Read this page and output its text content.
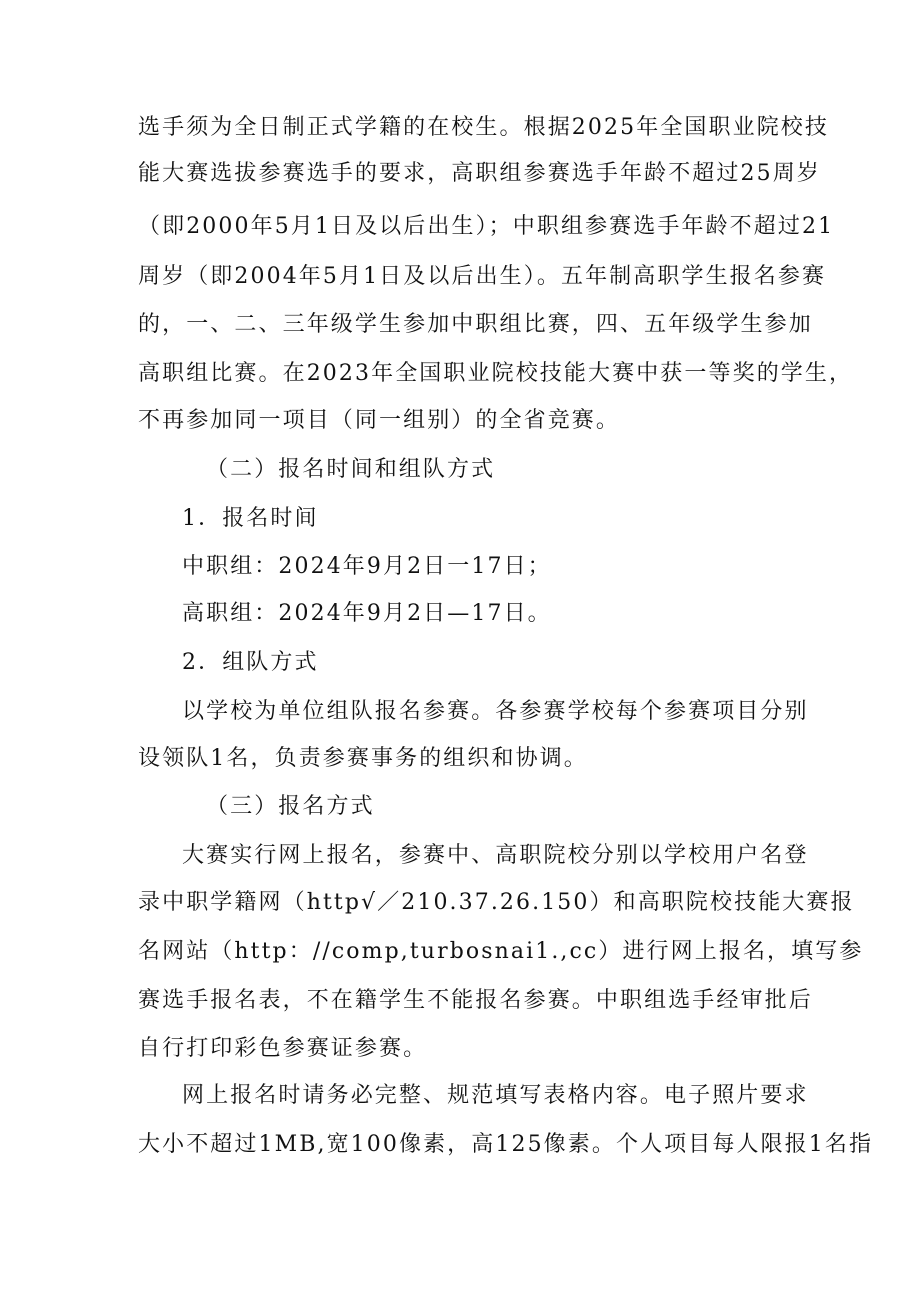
选手须为全日制正式学籍的在校生。根据2025年全国职业院校技
能大赛选拔参赛选手的要求，高职组参赛选手年龄不超过25周岁
（即2000年5月1日及以后出生）；中职组参赛选手年龄不超过21
周岁（即2004年5月1日及以后出生）。五年制高职学生报名参赛
的，一、二、三年级学生参加中职组比赛，四、五年级学生参加
高职组比赛。在2023年全国职业院校技能大赛中获一等奖的学生，
不再参加同一项目（同一组别）的全省竞赛。
（二）报名时间和组队方式
1．报名时间
中职组：2024年9月2日一17日；
高职组：2024年9月2日—17日。
2．组队方式
以学校为单位组队报名参赛。各参赛学校每个参赛项目分别
设领队1名，负责参赛事务的组织和协调。
（三）报名方式
大赛实行网上报名，参赛中、高职院校分别以学校用户名登
录中职学籍网（http√／210.37.26.150）和高职院校技能大赛报
名网站（http：//comp,turbosnai1.,cc）进行网上报名，填写参
赛选手报名表，不在籍学生不能报名参赛。中职组选手经审批后
自行打印彩色参赛证参赛。
网上报名时请务必完整、规范填写表格内容。电子照片要求
大小不超过1MB,宽100像素，高125像素。个人项目每人限报1名指
